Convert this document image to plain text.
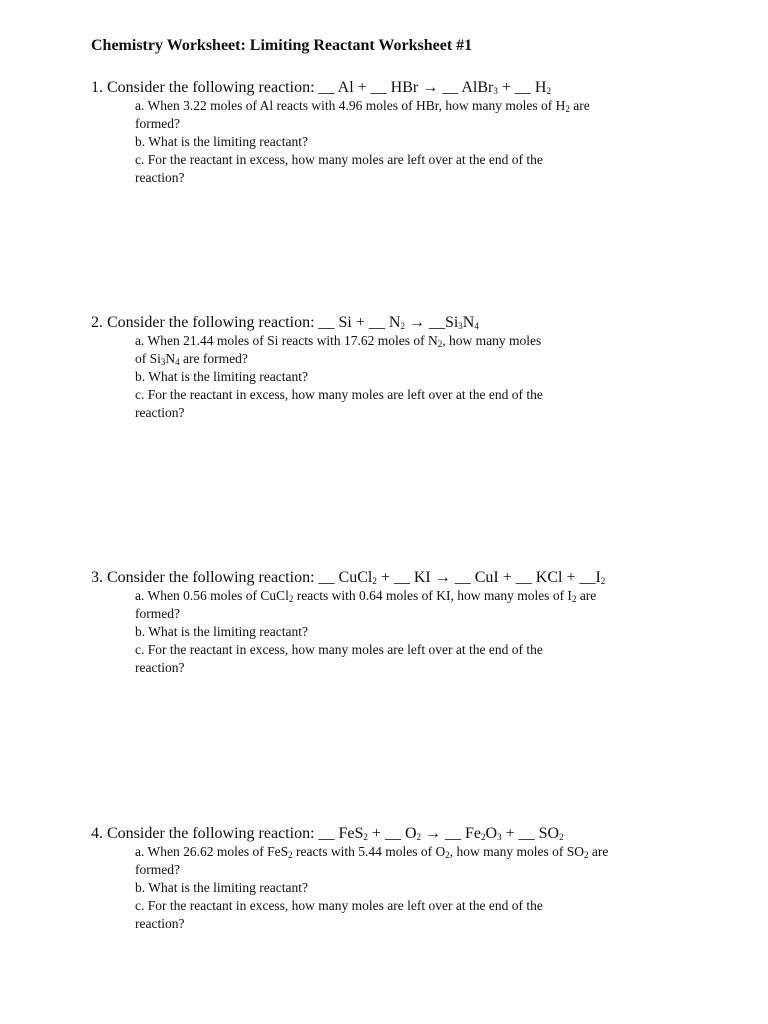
Chemistry Worksheet: Limiting Reactant Worksheet #1
1. Consider the following reaction: __ Al + __ HBr → __ AlBr$_3$ + __ $H_2$
a. When 3.22 moles of Al reacts with 4.96 moles of HBr, how many moles of $H_2$ are
formed?
b. What is the limiting reactant?
c. For the reactant in excess, how many moles are left over at the end of the
reaction?
2. Consider the following reaction: __ Si + __ $N_2$ → $\_\_Si_3N_4$
a. When 21.44 moles of Si reacts with 17.62 moles of $N_2$, how many moles
of $Si_3N_4$ are formed?
b. What is the limiting reactant?
c. For the reactant in excess, how many moles are left over at the end of the
reaction?
3. Consider the following reaction: __ CuCl$_2$ + __ KI → __ CuI + __ KCl + $\_\_I_2$
a. When 0.56 moles of CuCl$_2$ reacts with 0.64 moles of KI, how many moles of $I_2$ are
formed?
b. What is the limiting reactant?
c. For the reactant in excess, how many moles are left over at the end of the
reaction?
4. Consider the following reaction: __ FeS$_2$ + __ $O_2$ → __ $Fe_2O_3$ + __ $SO_2$
a. When 26.62 moles of FeS$_2$ reacts with 5.44 moles of $O_2$, how many moles of $SO_2$ are
formed?
b. What is the limiting reactant?
c. For the reactant in excess, how many moles are left over at the end of the
reaction?
